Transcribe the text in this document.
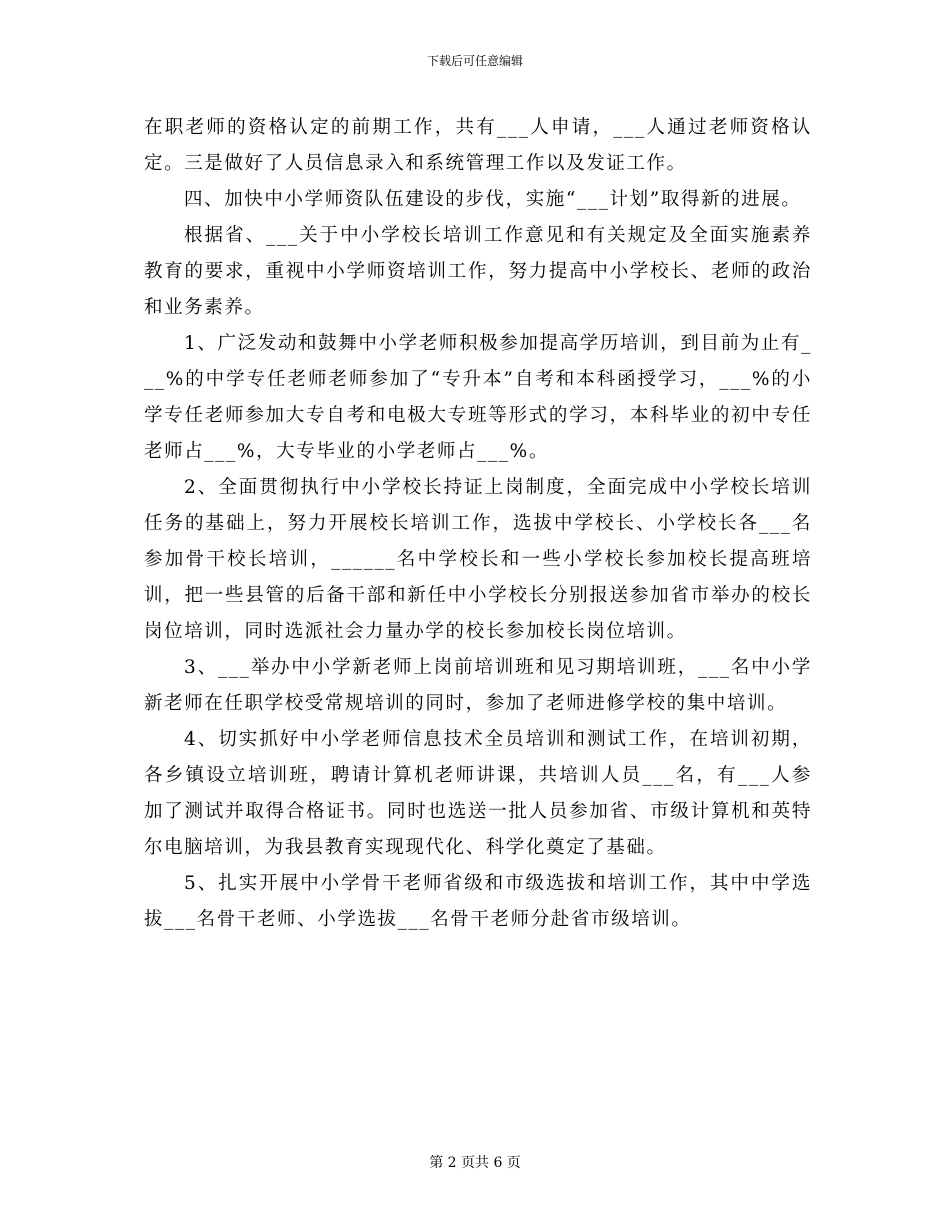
下载后可任意编辑

在职老师的资格认定的前期工作，共有___人申请，___人通过老师资格认定。三是做好了人员信息录入和系统管理工作以及发证工作。

四、加快中小学师资队伍建设的步伐，实施“___计划”取得新的进展。

根据省、___关于中小学校长培训工作意见和有关规定及全面实施素养教育的要求，重视中小学师资培训工作，努力提高中小学校长、老师的政治和业务素养。

1、广泛发动和鼓舞中小学老师积极参加提高学历培训，到目前为止有___%的中学专任老师老师参加了“专升本”自考和本科函授学习，___%的小学专任老师参加大专自考和电极大专班等形式的学习，本科毕业的初中专任老师占___%，大专毕业的小学老师占___%。

2、全面贯彻执行中小学校长持证上岗制度，全面完成中小学校长培训任务的基础上，努力开展校长培训工作，选拔中学校长、小学校长各___名参加骨干校长培训，______名中学校长和一些小学校长参加校长提高班培训，把一些县管的后备干部和新任中小学校长分别报送参加省市举办的校长岗位培训，同时选派社会力量办学的校长参加校长岗位培训。

3、___举办中小学新老师上岗前培训班和见习期培训班，___名中小学新老师在任职学校受常规培训的同时，参加了老师进修学校的集中培训。

4、切实抓好中小学老师信息技术全员培训和测试工作，在培训初期，各乡镇设立培训班，聘请计算机老师讲课，共培训人员___名，有___人参加了测试并取得合格证书。同时也选送一批人员参加省、市级计算机和英特尔电脑培训，为我县教育实现现代化、科学化奠定了基础。

5、扎实开展中小学骨干老师省级和市级选拔和培训工作，其中中学选拔___名骨干老师、小学选拔___名骨干老师分赴省市级培训。

第 2 页共 6 页
